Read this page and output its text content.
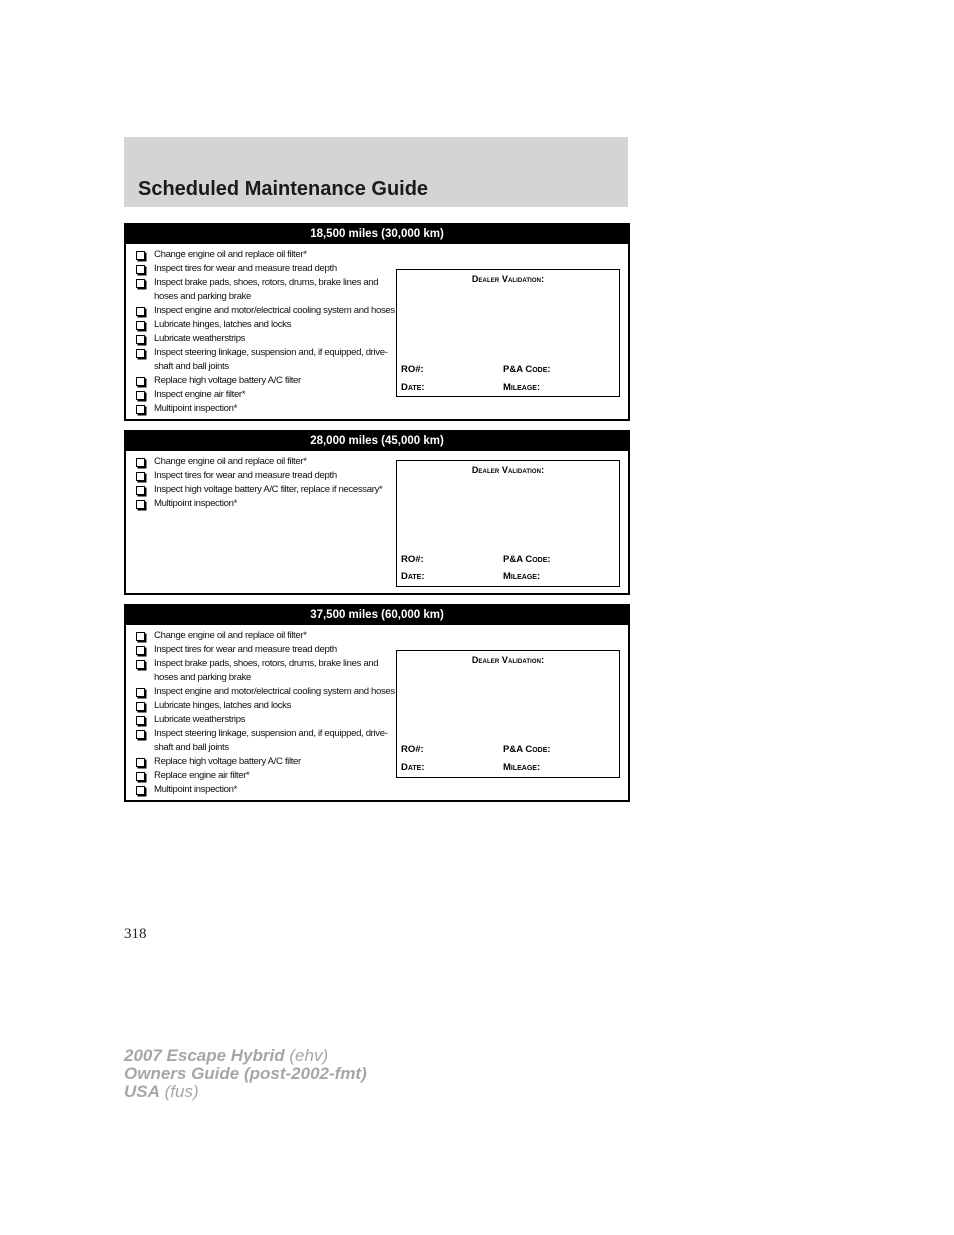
Scheduled Maintenance Guide
18,500 miles (30,000 km)
Change engine oil and replace oil filter*
Inspect tires for wear and measure tread depth
Inspect brake pads, shoes, rotors, drums, brake lines and
hoses and parking brake
Inspect engine and motor/electrical cooling system and hoses
Lubricate hinges, latches and locks
Lubricate weatherstrips
Inspect steering linkage, suspension and, if equipped, drive-
shaft and ball joints
Replace high voltage battery A/C filter
Inspect engine air filter*
Multipoint inspection*
Dealer Validation:
RO#:	P&A Code:
Date:	Mileage:
28,000 miles (45,000 km)
Change engine oil and replace oil filter*
Inspect tires for wear and measure tread depth
Inspect high voltage battery A/C filter, replace if necessary*
Multipoint inspection*
Dealer Validation:
RO#:	P&A Code:
Date:	Mileage:
37,500 miles (60,000 km)
Change engine oil and replace oil filter*
Inspect tires for wear and measure tread depth
Inspect brake pads, shoes, rotors, drums, brake lines and
hoses and parking brake
Inspect engine and motor/electrical cooling system and hoses
Lubricate hinges, latches and locks
Lubricate weatherstrips
Inspect steering linkage, suspension and, if equipped, drive-
shaft and ball joints
Replace high voltage battery A/C filter
Replace engine air filter*
Multipoint inspection*
Dealer Validation:
RO#:	P&A Code:
Date:	Mileage:
318
2007 Escape Hybrid (ehv)
Owners Guide (post-2002-fmt)
USA (fus)
